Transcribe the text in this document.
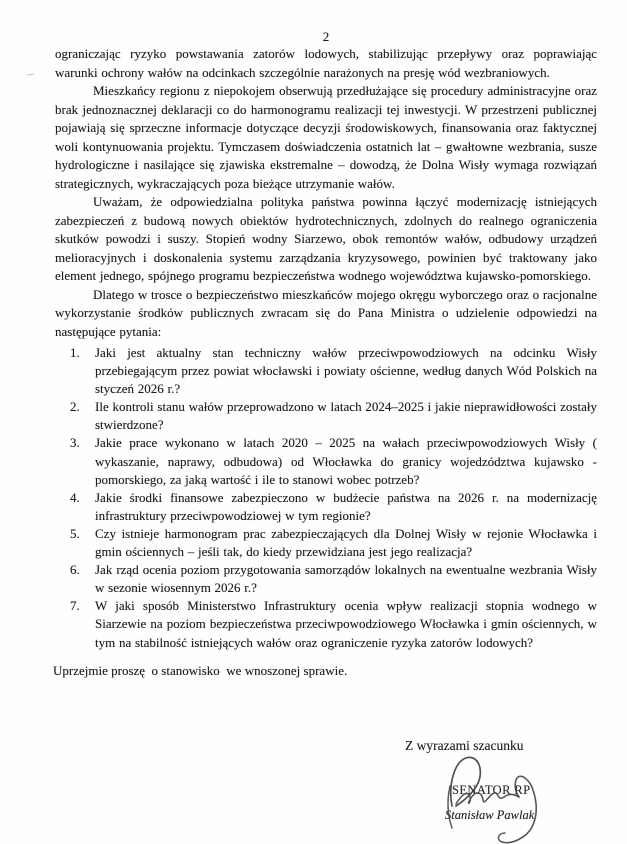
2

ograniczając ryzyko powstawania zatorów lodowych, stabilizując przepływy oraz poprawiając warunki ochrony wałów na odcinkach szczególnie narażonych na presję wód wezbraniowych.

Mieszkańcy regionu z niepokojem obserwują przedłużające się procedury administracyjne oraz brak jednoznacznej deklaracji co do harmonogramu realizacji tej inwestycji. W przestrzeni publicznej pojawiają się sprzeczne informacje dotyczące decyzji środowiskowych, finansowania oraz faktycznej woli kontynuowania projektu. Tymczasem doświadczenia ostatnich lat – gwałtowne wezbrania, susze hydrologiczne i nasilające się zjawiska ekstremalne – dowodzą, że Dolna Wisły wymaga rozwiązań strategicznych, wykraczających poza bieżące utrzymanie wałów.

Uważam, że odpowiedzialna polityka państwa powinna łączyć modernizację istniejących zabezpieczeń z budową nowych obiektów hydrotechnicznych, zdolnych do realnego ograniczenia skutków powodzi i suszy. Stopień wodny Siarzewo, obok remontów wałów, odbudowy urządzeń melioracyjnych i doskonalenia systemu zarządzania kryzysowego, powinien być traktowany jako element jednego, spójnego programu bezpieczeństwa wodnego województwa kujawsko-pomorskiego.

Dlatego w trosce o bezpieczeństwo mieszkańców mojego okręgu wyborczego oraz o racjonalne wykorzystanie środków publicznych zwracam się do Pana Ministra o udzielenie odpowiedzi na następujące pytania:

Jaki jest aktualny stan techniczny wałów przeciwpowodziowych na odcinku Wisły przebiegającym przez powiat włocławski i powiaty ościenne, według danych Wód Polskich na styczeń 2026 r.?
Ile kontroli stanu wałów przeprowadzono w latach 2024–2025 i jakie nieprawidłowości zostały stwierdzone?
Jakie prace wykonano w latach 2020 – 2025 na wałach przeciwpowodziowych Wisły ( wykaszanie, naprawy, odbudowa) od Włocławka do granicy wojedzództwa kujawsko - pomorskiego, za jaką wartość i ile to stanowi wobec potrzeb?
Jakie środki finansowe zabezpieczono w budżecie państwa na 2026 r. na modernizację infrastruktury przeciwpowodziowej w tym regionie?
Czy istnieje harmonogram prac zabezpieczających dla Dolnej Wisły w rejonie Włocławka i gmin ościennych – jeśli tak, do kiedy przewidziana jest jego realizacja?
Jak rząd ocenia poziom przygotowania samorządów lokalnych na ewentualne wezbrania Wisły w sezonie wiosennym 2026 r.?
W jaki sposób Ministerstwo Infrastruktury ocenia wpływ realizacji stopnia wodnego w Siarzewie na poziom bezpieczeństwa przeciwpowodziowego Włocławka i gmin ościennych, w tym na stabilność istniejących wałów oraz ograniczenie ryzyka zatorów lodowych?

Uprzejmie proszę  o stanowisko  we wnoszonej sprawie.

Z wyrazami szacunku
SENATOR RP
Stanisław Pawlak
